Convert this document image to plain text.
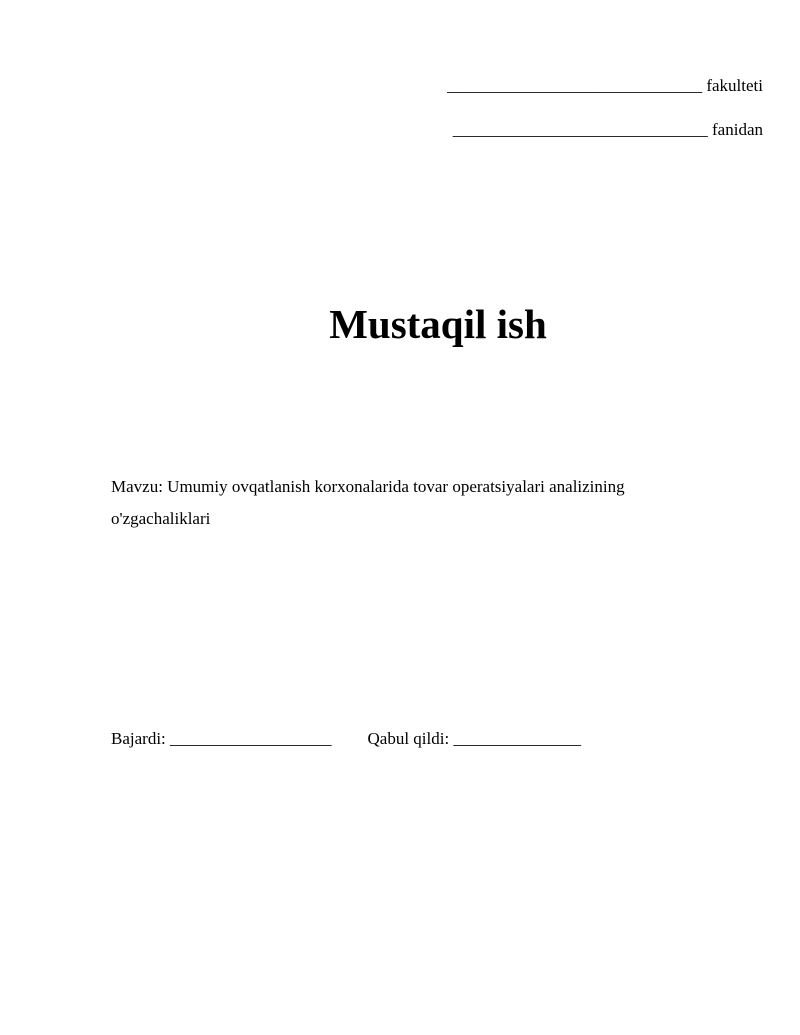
______________________________ fakulteti
______________________________ fanidan
Mustaqil ish
Mavzu: Umumiy ovqatlanish korxonalarida tovar operatsiyalari analizining
o'zgachaliklari
Bajardi: ___________________ Qabul qildi: _______________
